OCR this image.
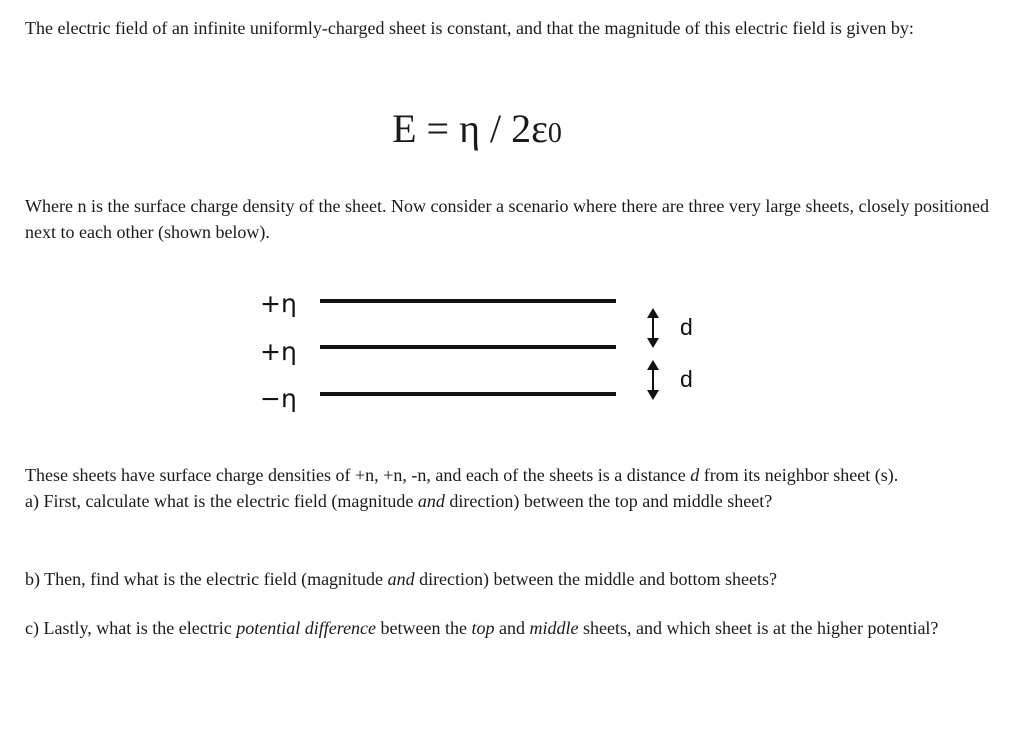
The electric field of an infinite uniformly-charged sheet is constant, and that the magnitude of this electric field is given by:

E = η / 2ε0

Where n is the surface charge density of the sheet. Now consider a scenario where there are three very large sheets, closely positioned next to each other (shown below).

+η
+η
−η
d
d

These sheets have surface charge densities of +n, +n, -n, and each of the sheets is a distance d from its neighbor sheet (s).
a) First, calculate what is the electric field (magnitude and direction) between the top and middle sheet?

b) Then, find what is the electric field (magnitude and direction) between the middle and bottom sheets?

c) Lastly, what is the electric potential difference between the top and middle sheets, and which sheet is at the higher potential?
